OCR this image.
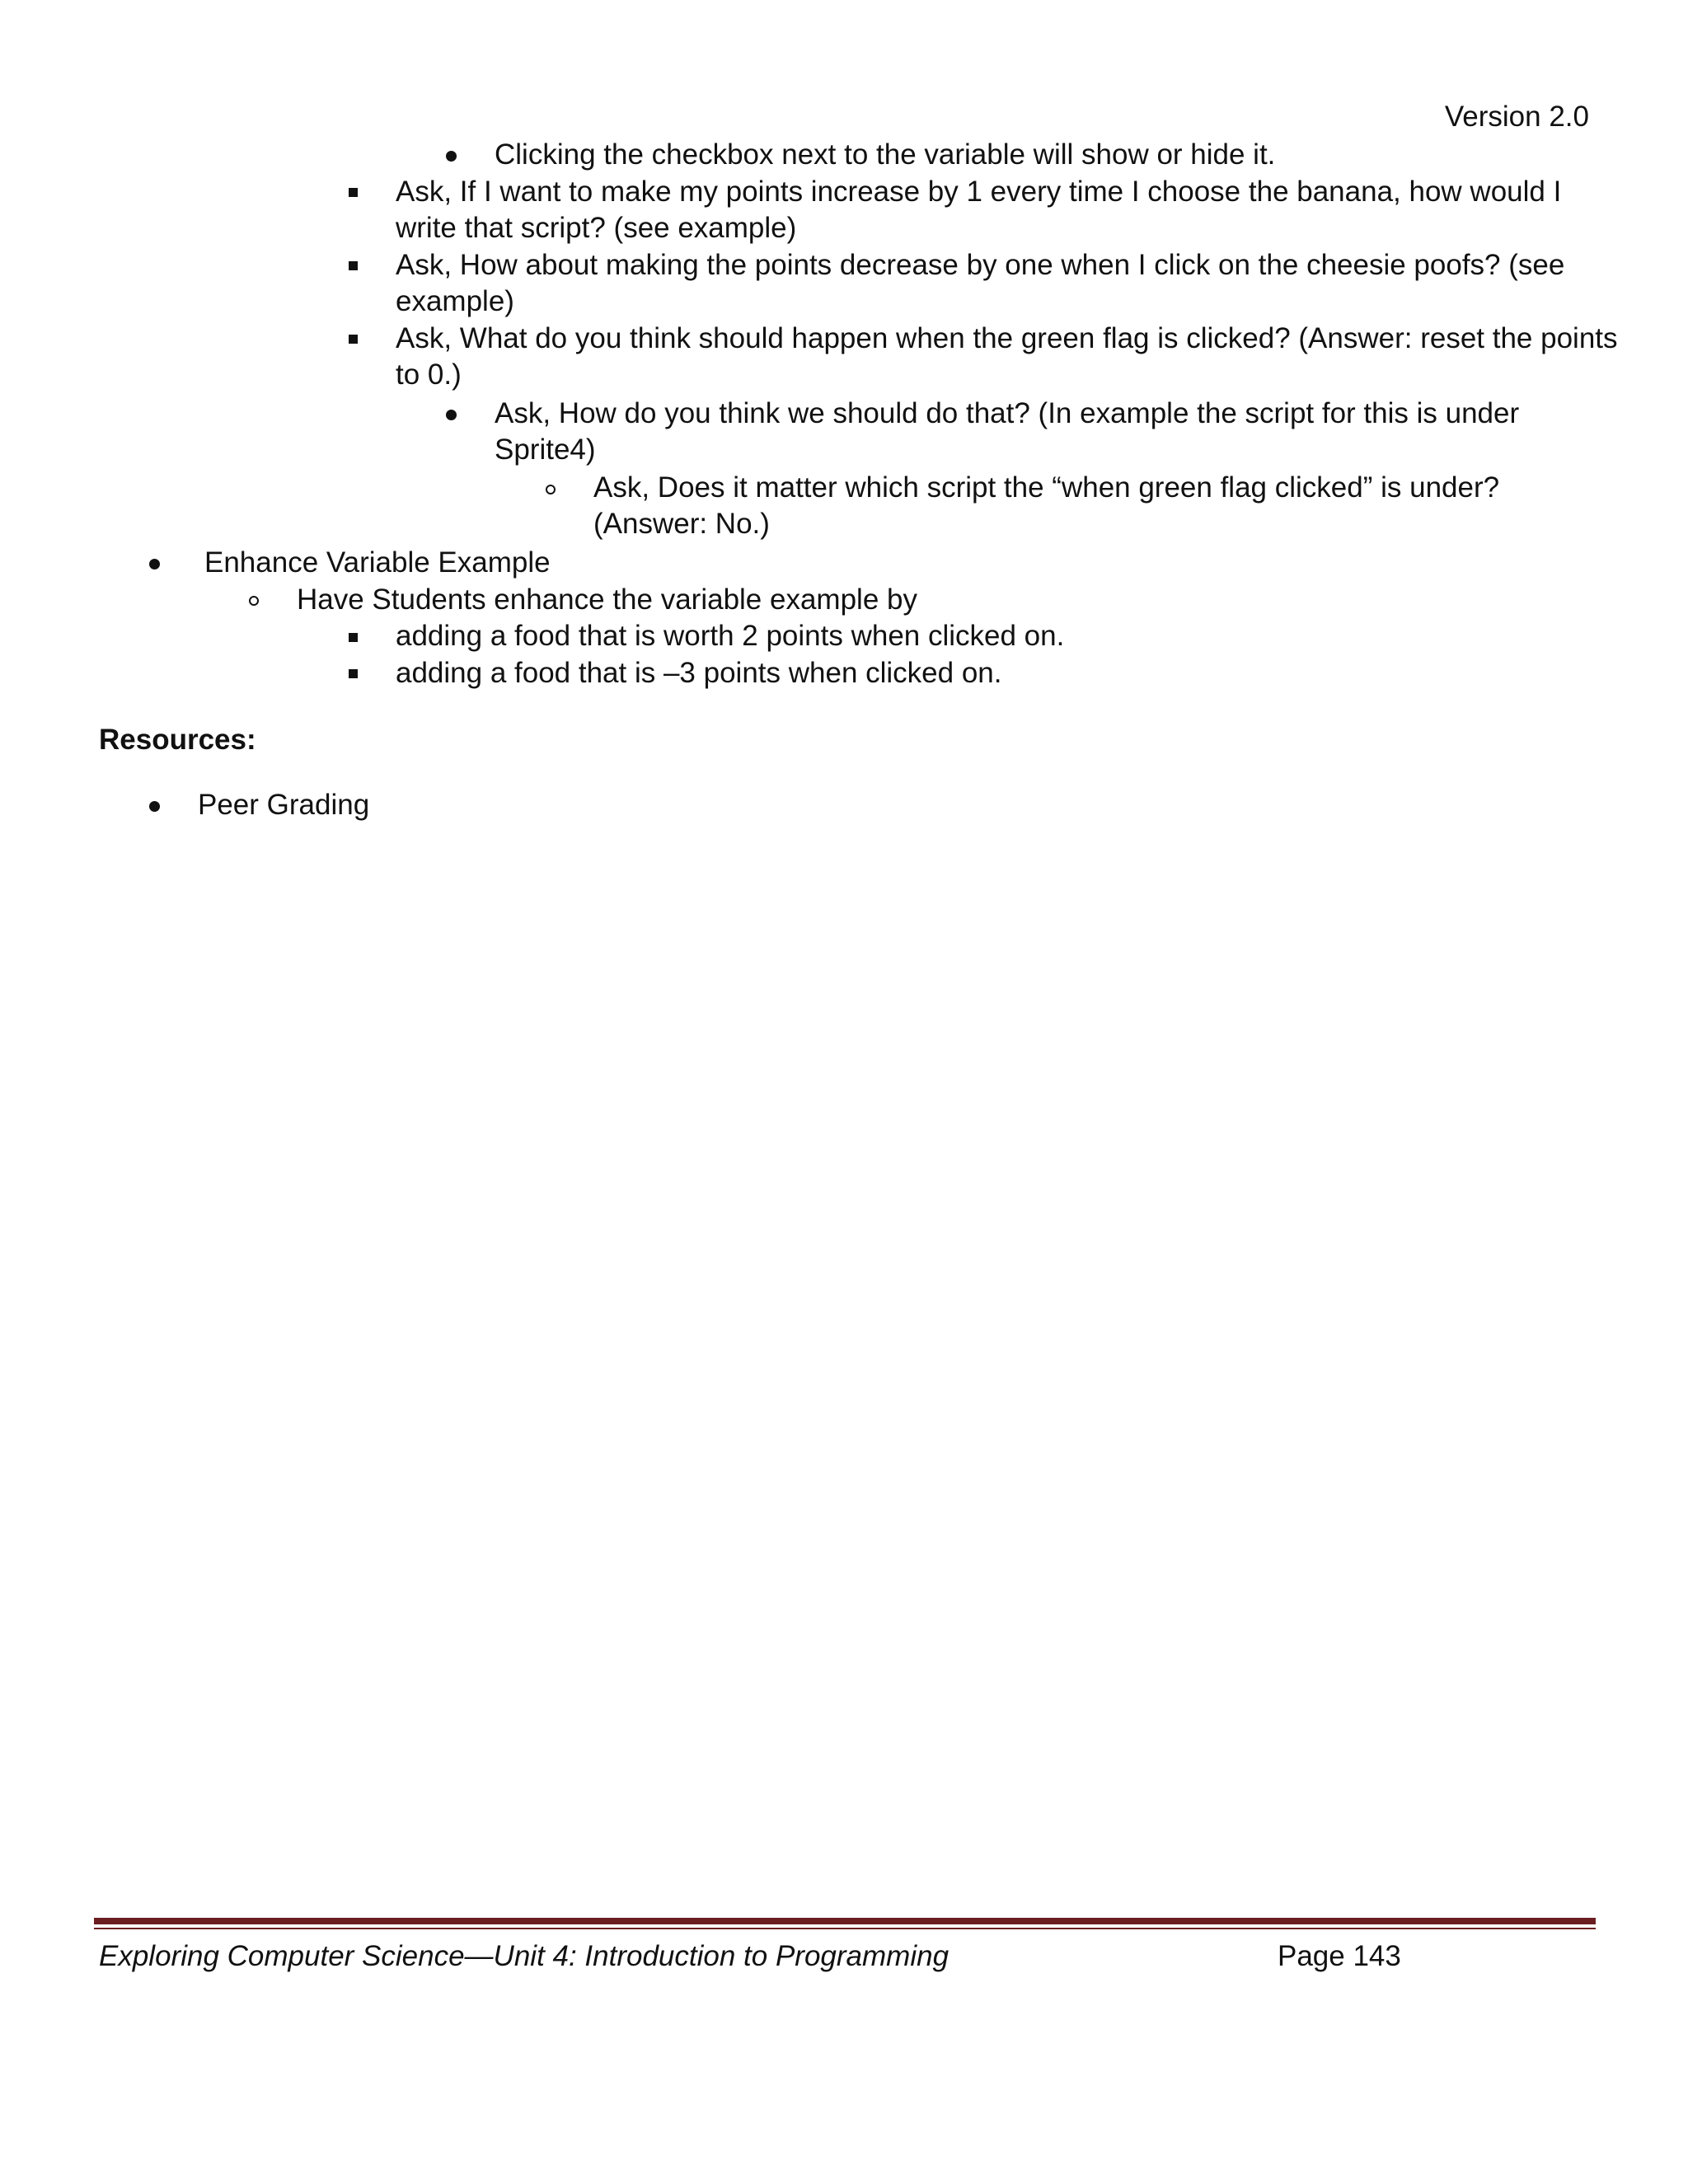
Version 2.0
Clicking the checkbox next to the variable will show or hide it.
Ask, If I want to make my points increase by 1 every time I choose the banana, how would I
write that script? (see example)
Ask, How about making the points decrease by one when I click on the cheesie poofs? (see
example)
Ask, What do you think should happen when the green flag is clicked? (Answer: reset the points
to 0.)
Ask, How do you think we should do that? (In example the script for this is under
Sprite4)
Ask, Does it matter which script the “when green flag clicked” is under?
(Answer: No.)
Enhance Variable Example
Have Students enhance the variable example by
adding a food that is worth 2 points when clicked on.
adding a food that is –3 points when clicked on.
Resources:
Peer Grading
Exploring Computer Science—Unit 4: Introduction to Programming	Page 143
